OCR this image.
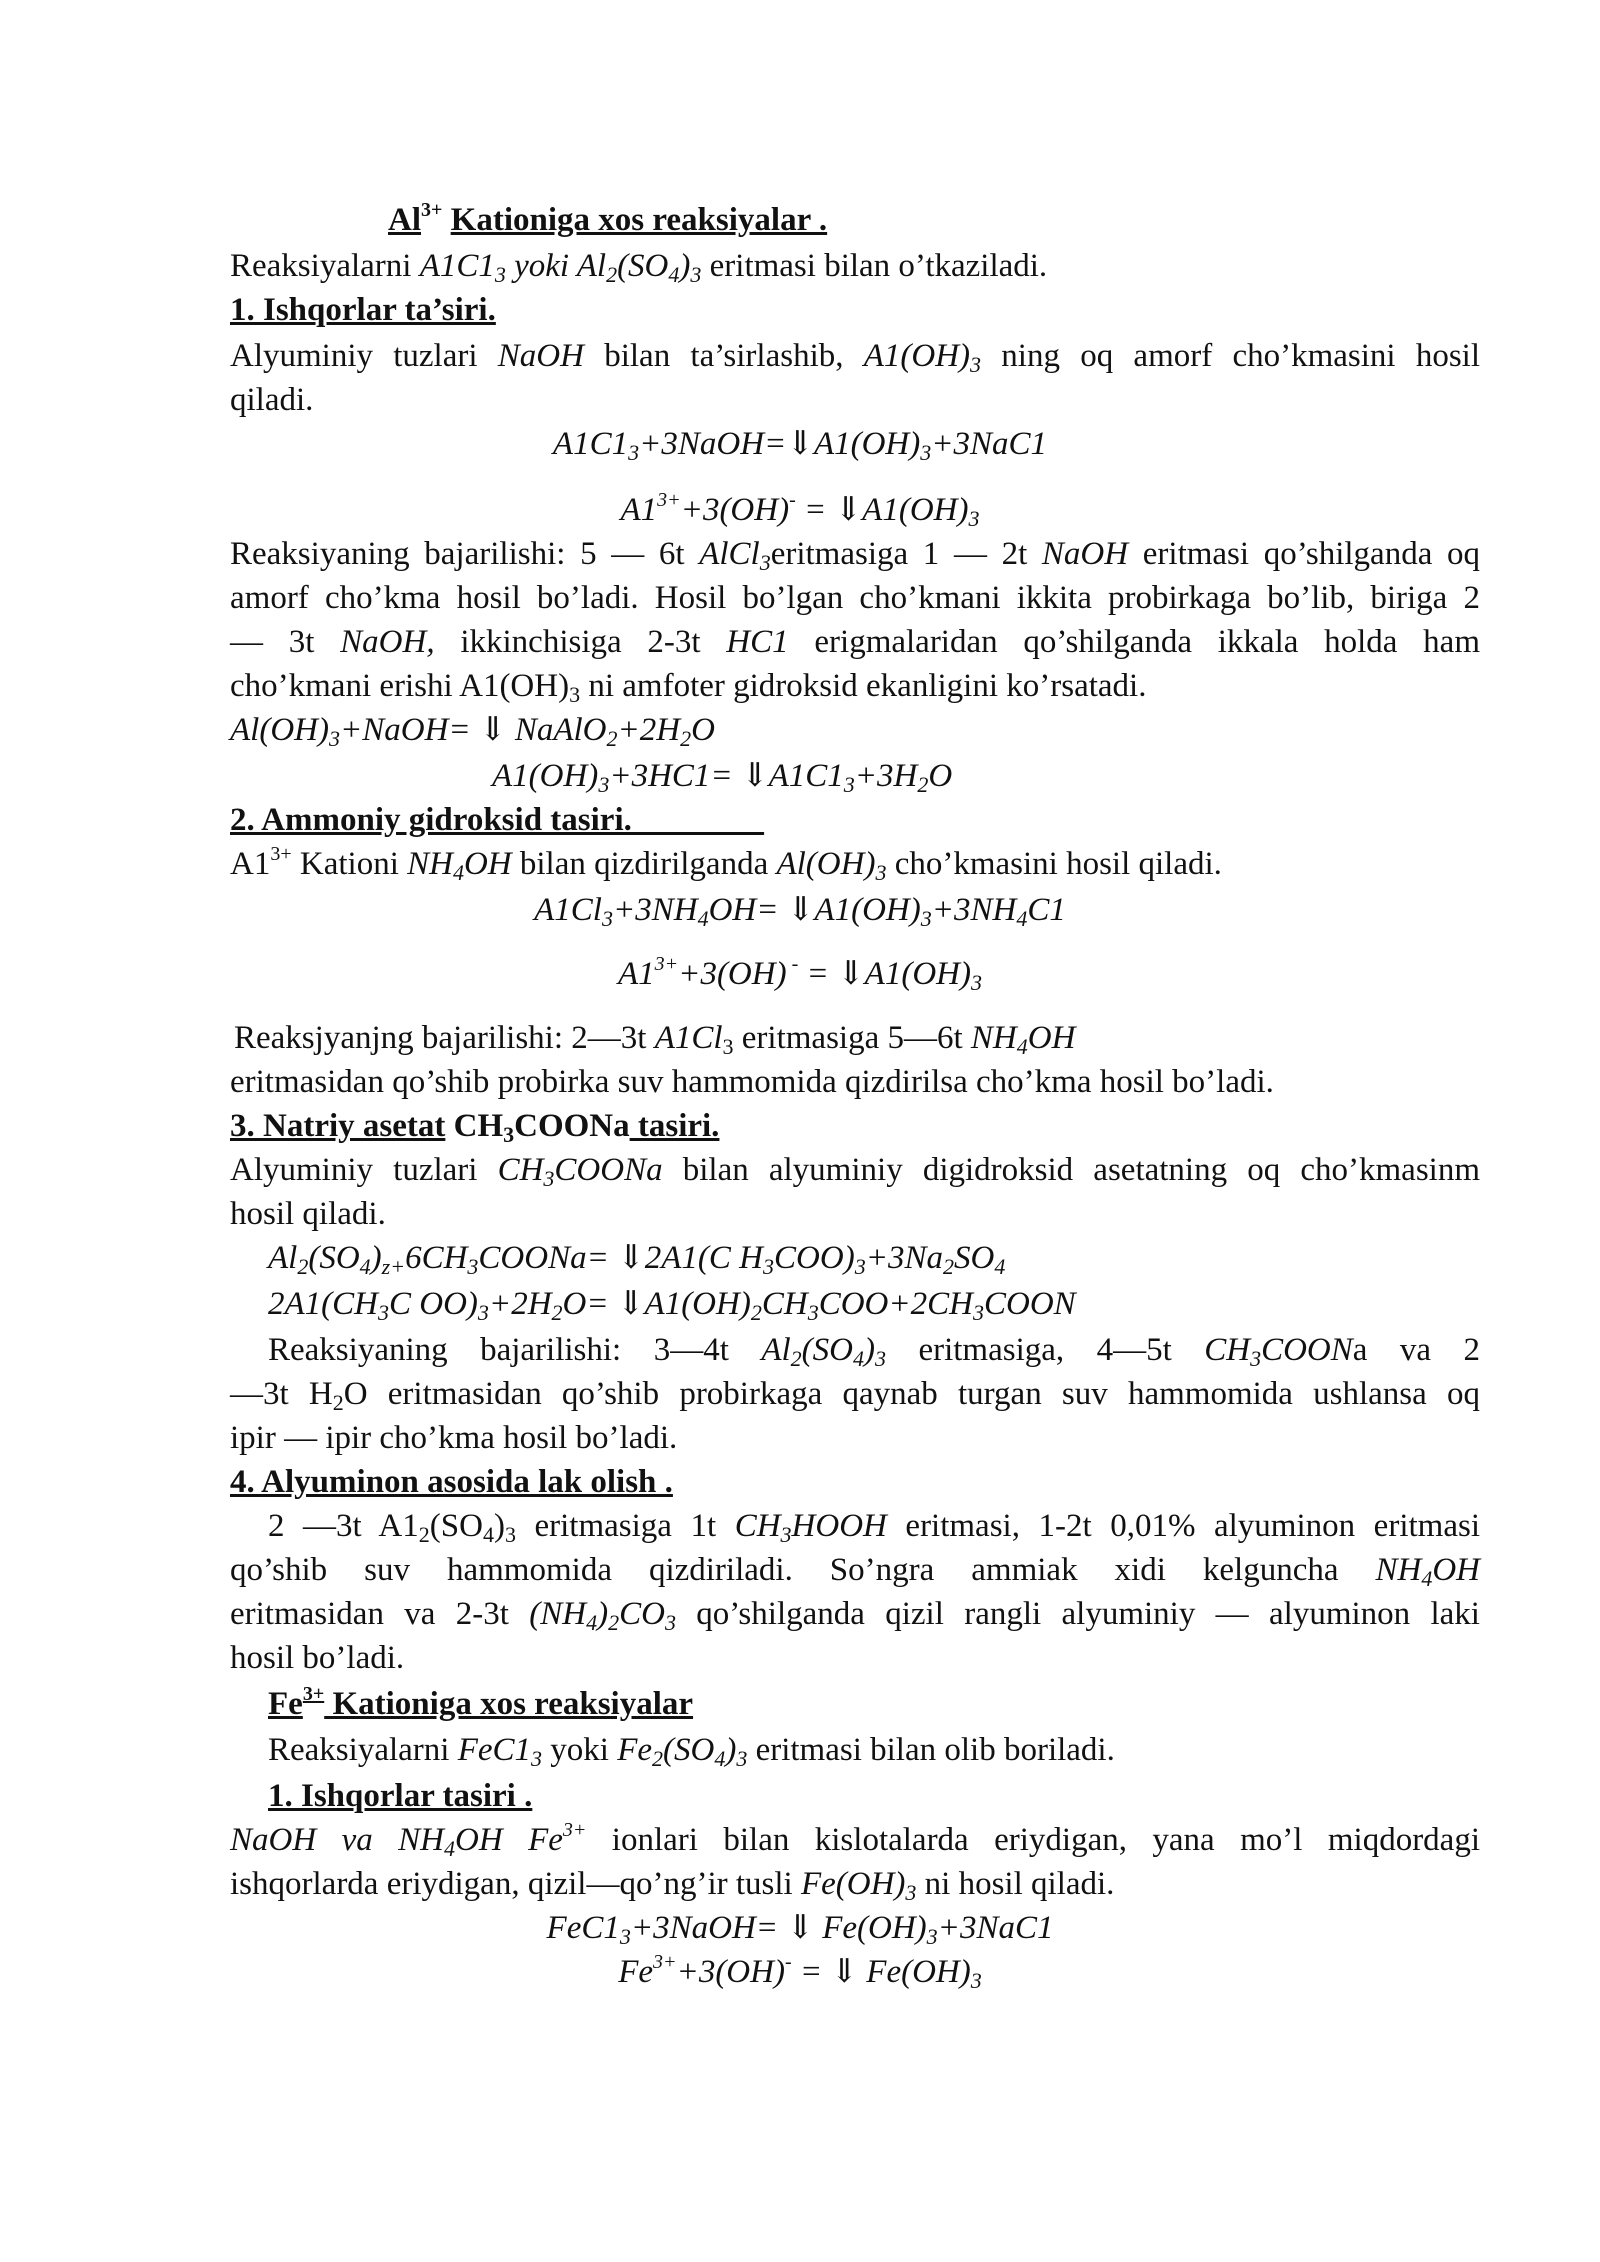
$Al^{3+}$ Kationiga xos reaksiyalar .
Reaksiyalarni $A1C1_3$ yoki $Al_2(SO_4)_3$ eritmasi bilan o’tkaziladi.
1. Ishqorlar ta’siri.
Alyuminiy tuzlari NaOH bilan ta’sirlashib, $A1(OH)_3$ ning oq amorf cho’kmasini hosil
qiladi.
$A1C1_3+3NaOH=⇓A1(OH)_3+3NaC1$
$A1^{3+}+3(OH)^-$ = $⇓A1(OH)_3$
Reaksiyaning bajarilishi: 5 — 6t AlCl$_3$eritmasiga 1 — 2t NaOH eritmasi qo’shilganda oq
amorf cho’kma hosil bo’ladi. Hosil bo’lgan cho’kmani ikkita probirkaga bo’lib, biriga 2
— 3t NaOH, ikkinchisiga 2-3t HC1 erigmalaridan qo’shilganda ikkala holda ham
cho’kmani erishi $A1(OH)_3$ ni amfoter gidroksid ekanligini ko’rsatadi.
$Al(OH)_3+NaOH=$ ⇓ $NaAlO_2+2H_2O$
$A1(OH)_3+3HC1=$ $⇓A1C1_3+3H_2O$
2. Ammoniy gidroksid tasiri.________
$A1^{3+}$ Kationi $NH_4OH$ bilan qizdirilganda $Al(OH)_3$ cho’kmasini hosil qiladi.
$A1Cl_3+3NH_4OH=$ $⇓A1(OH)_3+3NH_4C1$
$A1^{3+}+3(OH) ^-$ = $⇓A1(OH)_3$
Reaksjyanjng bajarilishi: 2—3t $A1Cl_3$ eritmasiga 5—6t $NH_4OH$
eritmasidan qo’shib probirka suv hammomida qizdirilsa cho’kma hosil bo’ladi.
3. Natriy asetat $CH_3COONa$ tasiri.
Alyuminiy tuzlari $CH_3COONa$ bilan alyuminiy digidroksid asetatning oq cho’kmasinm
hosil qiladi.
$Al_2(SO_4)_{z+}6CH_3COONa=$ ⇓2A1(C $H_3COO)_3+3Na_2SO_4$
$2A1(CH_3C$ $OO)_3+2H_2O=$ $⇓A1(OH)_2CH_3COO+2CH_3COON$
Reaksiyaning bajarilishi: 3—4t $Al_2(SO_4)_3$ eritmasiga, 4—5t $CH_3COONa$ va 2
—3t $H_2O$ eritmasidan qo’shib probirkaga qaynab turgan suv hammomida ushlansa oq
ipir — ipir cho’kma hosil bo’ladi.
4. Alyuminon asosida lak olish .
2 —3t $A1_2(SO_4)_3$ eritmasiga 1t $CH_3HOOH$ eritmasi, 1-2t 0,01% alyuminon eritmasi
qo’shib suv hammomida qizdiriladi. So’ngra ammiak xidi kelguncha $NH_4OH$
eritmasidan va 2-3t $(NH_4)_2CO_3$ qo’shilganda qizil rangli alyuminiy — alyuminon laki
hosil bo’ladi.
$Fe^{3+}$ Kationiga xos reaksiyalar
Reaksiyalarni $FeC1_3$ yoki $Fe_2(SO_4)_3$ eritmasi bilan olib boriladi.
1. Ishqorlar tasiri .
NaOH va $NH_4OH$ $Fe^{3+}$ ionlari bilan kislotalarda eriydigan, yana mo’l miqdordagi
ishqorlarda eriydigan, qizil—qo’ng’ir tusli $Fe(OH)_3$ ni hosil qiladi.
$FeC1_3+3NaOH=$ ⇓ $Fe(OH)_3+3NaC1$
$Fe^{3+}+3(OH)^-$ = ⇓ $Fe(OH)_3$
